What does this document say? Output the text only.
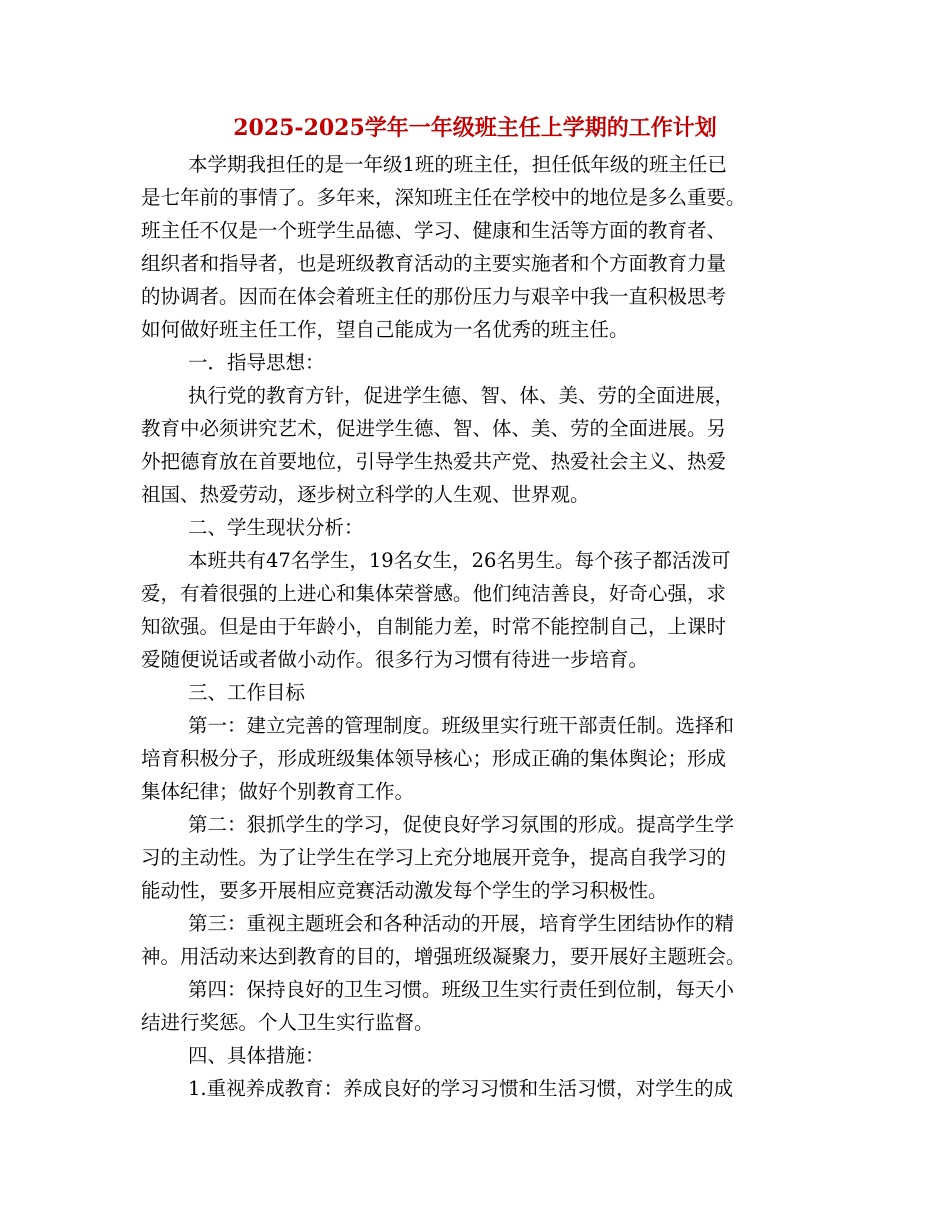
2025-2025学年一年级班主任上学期的工作计划
本学期我担任的是一年级1班的班主任，担任低年级的班主任已
是七年前的事情了。多年来，深知班主任在学校中的地位是多么重要。
班主任不仅是一个班学生品德、学习、健康和生活等方面的教育者、
组织者和指导者，也是班级教育活动的主要实施者和个方面教育力量
的协调者。因而在体会着班主任的那份压力与艰辛中我一直积极思考
如何做好班主任工作，望自己能成为一名优秀的班主任。
一．指导思想：
执行党的教育方针，促进学生德、智、体、美、劳的全面进展，
教育中必须讲究艺术，促进学生德、智、体、美、劳的全面进展。另
外把德育放在首要地位，引导学生热爱共产党、热爱社会主义、热爱
祖国、热爱劳动，逐步树立科学的人生观、世界观。
二、学生现状分析：
本班共有47名学生，19名女生，26名男生。每个孩子都活泼可
爱，有着很强的上进心和集体荣誉感。他们纯洁善良，好奇心强，求
知欲强。但是由于年龄小，自制能力差，时常不能控制自己，上课时
爱随便说话或者做小动作。很多行为习惯有待进一步培育。
三、工作目标
第一：建立完善的管理制度。班级里实行班干部责任制。选择和
培育积极分子，形成班级集体领导核心；形成正确的集体舆论；形成
集体纪律；做好个别教育工作。
第二：狠抓学生的学习，促使良好学习氛围的形成。提高学生学
习的主动性。为了让学生在学习上充分地展开竞争，提高自我学习的
能动性，要多开展相应竞赛活动激发每个学生的学习积极性。
第三：重视主题班会和各种活动的开展，培育学生团结协作的精
神。用活动来达到教育的目的，增强班级凝聚力，要开展好主题班会。
第四：保持良好的卫生习惯。班级卫生实行责任到位制，每天小
结进行奖惩。个人卫生实行监督。
四、具体措施：
1.重视养成教育：养成良好的学习习惯和生活习惯，对学生的成
